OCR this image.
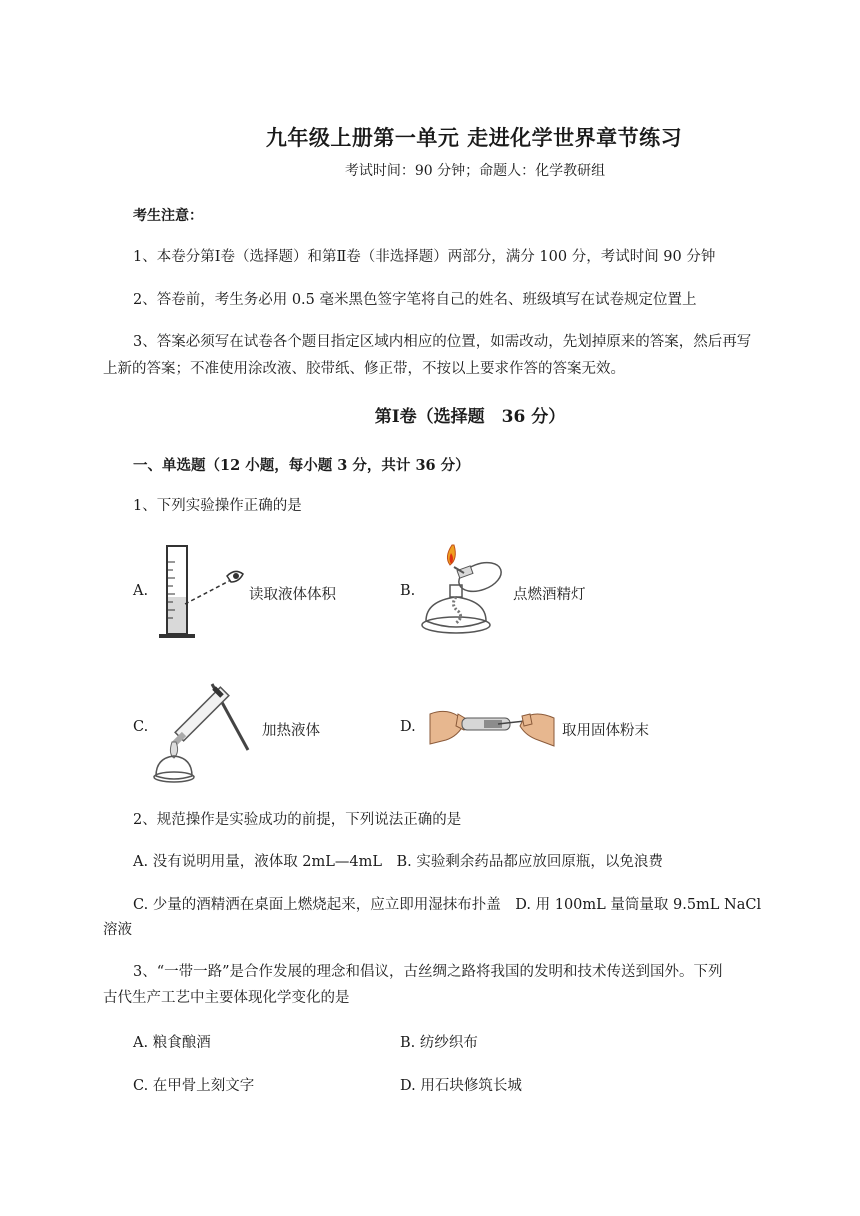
九年级上册第一单元 走进化学世界章节练习
考试时间：90 分钟；命题人：化学教研组
考生注意：
1、本卷分第Ⅰ卷（选择题）和第Ⅱ卷（非选择题）两部分，满分 100 分，考试时间 90 分钟
2、答卷前，考生务必用 0.5 毫米黑色签字笔将自己的姓名、班级填写在试卷规定位置上
3、答案必须写在试卷各个题目指定区域内相应的位置，如需改动，先划掉原来的答案，然后再写
上新的答案；不准使用涂改液、胶带纸、修正带，不按以上要求作答的答案无效。
第Ⅰ卷（选择题　36 分）
一、单选题（12 小题，每小题 3 分，共计 36 分）
1、下列实验操作正确的是
A.	读取液体体积	B.	点燃酒精灯
C.	加热液体	D.	取用固体粉末
2、规范操作是实验成功的前提，下列说法正确的是
A. 没有说明用量，液体取 2mL—4mL　B. 实验剩余药品都应放回原瓶，以免浪费
C. 少量的酒精洒在桌面上燃烧起来，应立即用湿抹布扑盖　D. 用 100mL 量筒量取 9.5mL NaCl
溶液
3、“一带一路”是合作发展的理念和倡议，古丝绸之路将我国的发明和技术传送到国外。下列
古代生产工艺中主要体现化学变化的是
A. 粮食酿酒	B. 纺纱织布
C. 在甲骨上刻文字	D. 用石块修筑长城
